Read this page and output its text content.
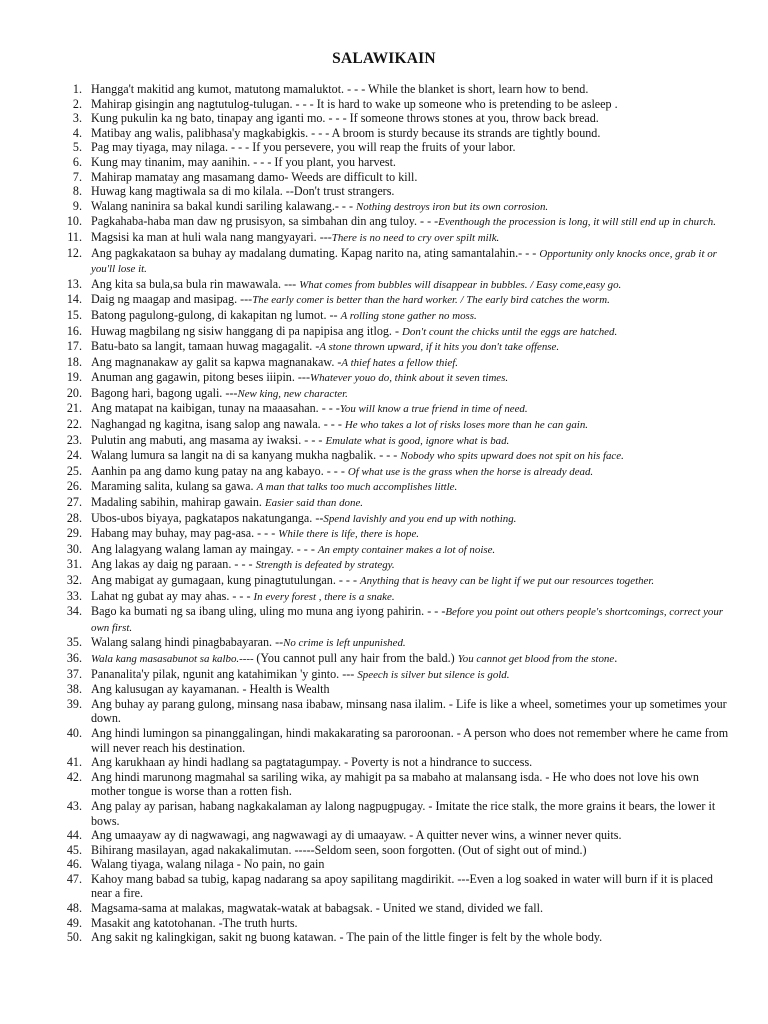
SALAWIKAIN
1. Hangga't makitid ang kumot, matutong mamaluktot. - - - While the blanket is short, learn how to bend.
2. Mahirap gisingin ang nagtutulog-tulugan. - - - It is hard to wake up someone who is pretending to be asleep .
3. Kung pukulin ka ng bato, tinapay ang iganti mo. - - - If someone throws stones at you, throw back bread.
4. Matibay ang walis, palibhasa'y magkabigkis. - - - A broom is sturdy because its strands are tightly bound.
5. Pag may tiyaga, may nilaga. - - - If you persevere, you will reap the fruits of your labor.
6. Kung may tinanim, may aanihin. - - - If you plant, you harvest.
7. Mahirap mamatay ang masamang damo- Weeds are difficult to kill.
8. Huwag kang magtiwala sa di mo kilala. --Don't trust strangers.
9. Walang naninira sa bakal kundi sariling kalawang.- - - Nothing destroys iron but its own corrosion.
10. Pagkahaba-haba man daw ng prusisyon, sa simbahan din ang tuloy. - - -Eventhough the procession is long, it will still end up in church.
11. Magsisi ka man at huli wala nang mangyayari. ---There is no need to cry over spilt milk.
12. Ang pagkakataon sa buhay ay madalang dumating. Kapag narito na, ating samantalahin.- - - Opportunity only knocks once, grab it or you'll lose it.
13. Ang kita sa bula,sa bula rin mawawala. --- What comes from bubbles will disappear in bubbles. / Easy come,easy go.
14. Daig ng maagap and masipag. ---The early comer is better than the hard worker. / The early bird catches the worm.
15. Batong pagulong-gulong, di kakapitan ng lumot. -- A rolling stone gather no moss.
16. Huwag magbilang ng sisiw hanggang di pa napipisa ang itlog. - Don't count the chicks until the eggs are hatched.
17. Batu-bato sa langit, tamaan huwag magagalit. -A stone thrown upward, if it hits you don't take offense.
18. Ang magnanakaw ay galit sa kapwa magnanakaw. -A thief hates a fellow thief.
19. Anuman ang gagawin, pitong beses iiipin. ---Whatever youo do, think about it seven times.
20. Bagong hari, bagong ugali. ---New king, new character.
21. Ang matapat na kaibigan, tunay na maaasahan. - - -You will know a true friend in time of need.
22. Naghangad ng kagitna, isang salop ang nawala. - - - He who takes a lot of risks loses more than he can gain.
23. Pulutin ang mabuti, ang masama ay iwaksi. - - - Emulate what is good, ignore what is bad.
24. Walang lumura sa langit na di sa kanyang mukha nagbalik. - - - Nobody who spits upward does not spit on his face.
25. Aanhin pa ang damo kung patay na ang kabayo. - - - Of what use is the grass when the horse is already dead.
26. Maraming salita, kulang sa gawa. A man that talks too much accomplishes little.
27. Madaling sabihin, mahirap gawain. Easier said than done.
28. Ubos-ubos biyaya, pagkatapos nakatunganga. --Spend lavishly and you end up with nothing.
29. Habang may buhay, may pag-asa. - - - While there is life, there is hope.
30. Ang lalagyang walang laman ay maingay. - - - An empty container makes a lot of noise.
31. Ang lakas ay daig ng paraan. - - - Strength is defeated by strategy.
32. Ang mabigat ay gumagaan, kung pinagtutulungan. - - - Anything that is heavy can be light if we put our resources together.
33. Lahat ng gubat ay may ahas. - - - In every forest , there is a snake.
34. Bago ka bumati ng sa ibang uling, uling mo muna ang iyong pahirin. - - -Before you point out others people's shortcomings, correct your own first.
35. Walang salang hindi pinagbabayaran. --No crime is left unpunished.
36. Wala kang masasabunot sa kalbo.---- (You cannot pull any hair from the bald.) You cannot get blood from the stone.
37. Pananalita'y pilak, ngunit ang katahimikan 'y ginto. --- Speech is silver but silence is gold.
38. Ang kalusugan ay kayamanan. - Health is Wealth
39. Ang buhay ay parang gulong, minsang nasa ibabaw, minsang nasa ilalim. - Life is like a wheel, sometimes your up sometimes your down.
40. Ang hindi lumingon sa pinanggalingan, hindi makakarating sa paroroonan. - A person who does not remember where he came from will never reach his destination.
41. Ang karukhaan ay hindi hadlang sa pagtatagumpay. - Poverty is not a hindrance to success.
42. Ang hindi marunong magmahal sa sariling wika, ay mahigit pa sa mabaho at malansang isda. - He who does not love his own mother tongue is worse than a rotten fish.
43. Ang palay ay parisan, habang nagkakalaman ay lalong nagpugpugay. - Imitate the rice stalk, the more grains it bears, the lower it bows.
44. Ang umaayaw ay di nagwawagi, ang nagwawagi ay di umaayaw. - A quitter never wins, a winner never quits.
45. Bihirang masilayan, agad nakakalimutan. -----Seldom seen, soon forgotten. (Out of sight out of mind.)
46. Walang tiyaga, walang nilaga - No pain, no gain
47. Kahoy mang babad sa tubig, kapag nadarang sa apoy sapilitang magdirikit. ---Even a log soaked in water will burn if it is placed near a fire.
48. Magsama-sama at malakas, magwatak-watak at babagsak. - United we stand, divided we fall.
49. Masakit ang katotohanan. -The truth hurts.
50. Ang sakit ng kalingkigan, sakit ng buong katawan. - The pain of the little finger is felt by the whole body.
